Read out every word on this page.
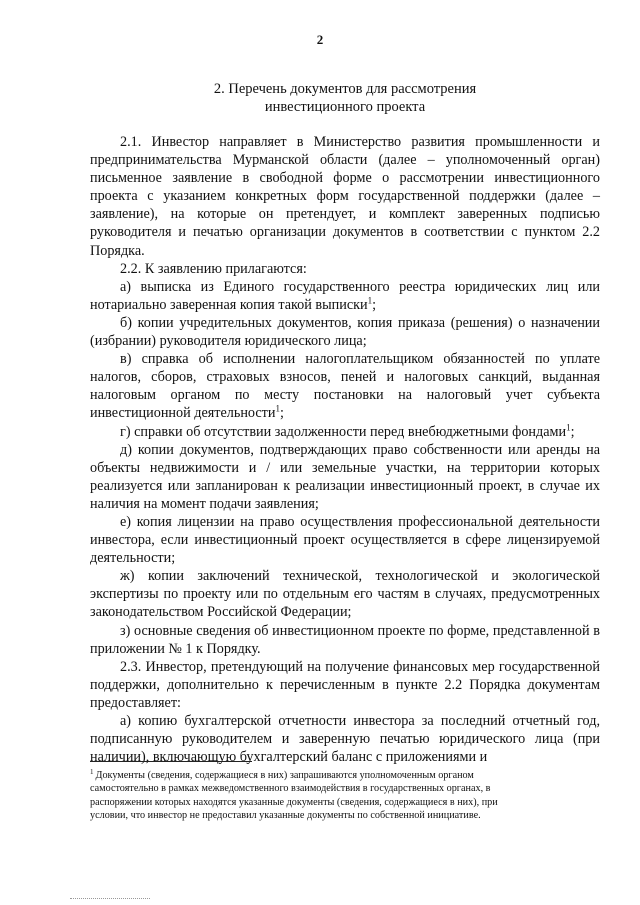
2
2. Перечень документов для рассмотрения
инвестиционного проекта

2.1. Инвестор направляет в Министерство развития промышленности и предпринимательства Мурманской области (далее – уполномоченный орган) письменное заявление в свободной форме о рассмотрении инвестиционного проекта с указанием конкретных форм государственной поддержки (далее – заявление), на которые он претендует, и комплект заверенных подписью руководителя и печатью организации документов в соответствии с пунктом 2.2 Порядка.

2.2. К заявлению прилагаются:

а) выписка из Единого государственного реестра юридических лиц или нотариально заверенная копия такой выписки$^1$;

б) копии учредительных документов, копия приказа (решения) о назначении (избрании) руководителя юридического лица;

в) справка об исполнении налогоплательщиком обязанностей по уплате налогов, сборов, страховых взносов, пеней и налоговых санкций, выданная налоговым органом по месту постановки на налоговый учет субъекта инвестиционной деятельности$^1$;

г) справки об отсутствии задолженности перед внебюджетными фондами$^1$;

д) копии документов, подтверждающих право собственности или аренды на объекты недвижимости и / или земельные участки, на территории которых реализуется или запланирован к реализации инвестиционный проект, в случае их наличия на момент подачи заявления;

е) копия лицензии на право осуществления профессиональной деятельности инвестора, если инвестиционный проект осуществляется в сфере лицензируемой деятельности;

ж) копии заключений технической, технологической и экологической экспертизы по проекту или по отдельным его частям в случаях, предусмотренных законодательством Российской Федерации;

з) основные сведения об инвестиционном проекте по форме, представленной в приложении № 1 к Порядку.

2.3. Инвестор, претендующий на получение финансовых мер государственной поддержки, дополнительно к перечисленным в пункте 2.2 Порядка документам предоставляет:

а) копию бухгалтерской отчетности инвестора за последний отчетный год, подписанную руководителем и заверенную печатью юридического лица (при наличии), включающую бухгалтерский баланс с приложениями и

$^1$ Документы (сведения, содержащиеся в них) запрашиваются уполномоченным органом
самостоятельно в рамках межведомственного взаимодействия в государственных органах, в
распоряжении которых находятся указанные документы (сведения, содержащиеся в них), при
условии, что инвестор не предоставил указанные документы по собственной инициативе.
